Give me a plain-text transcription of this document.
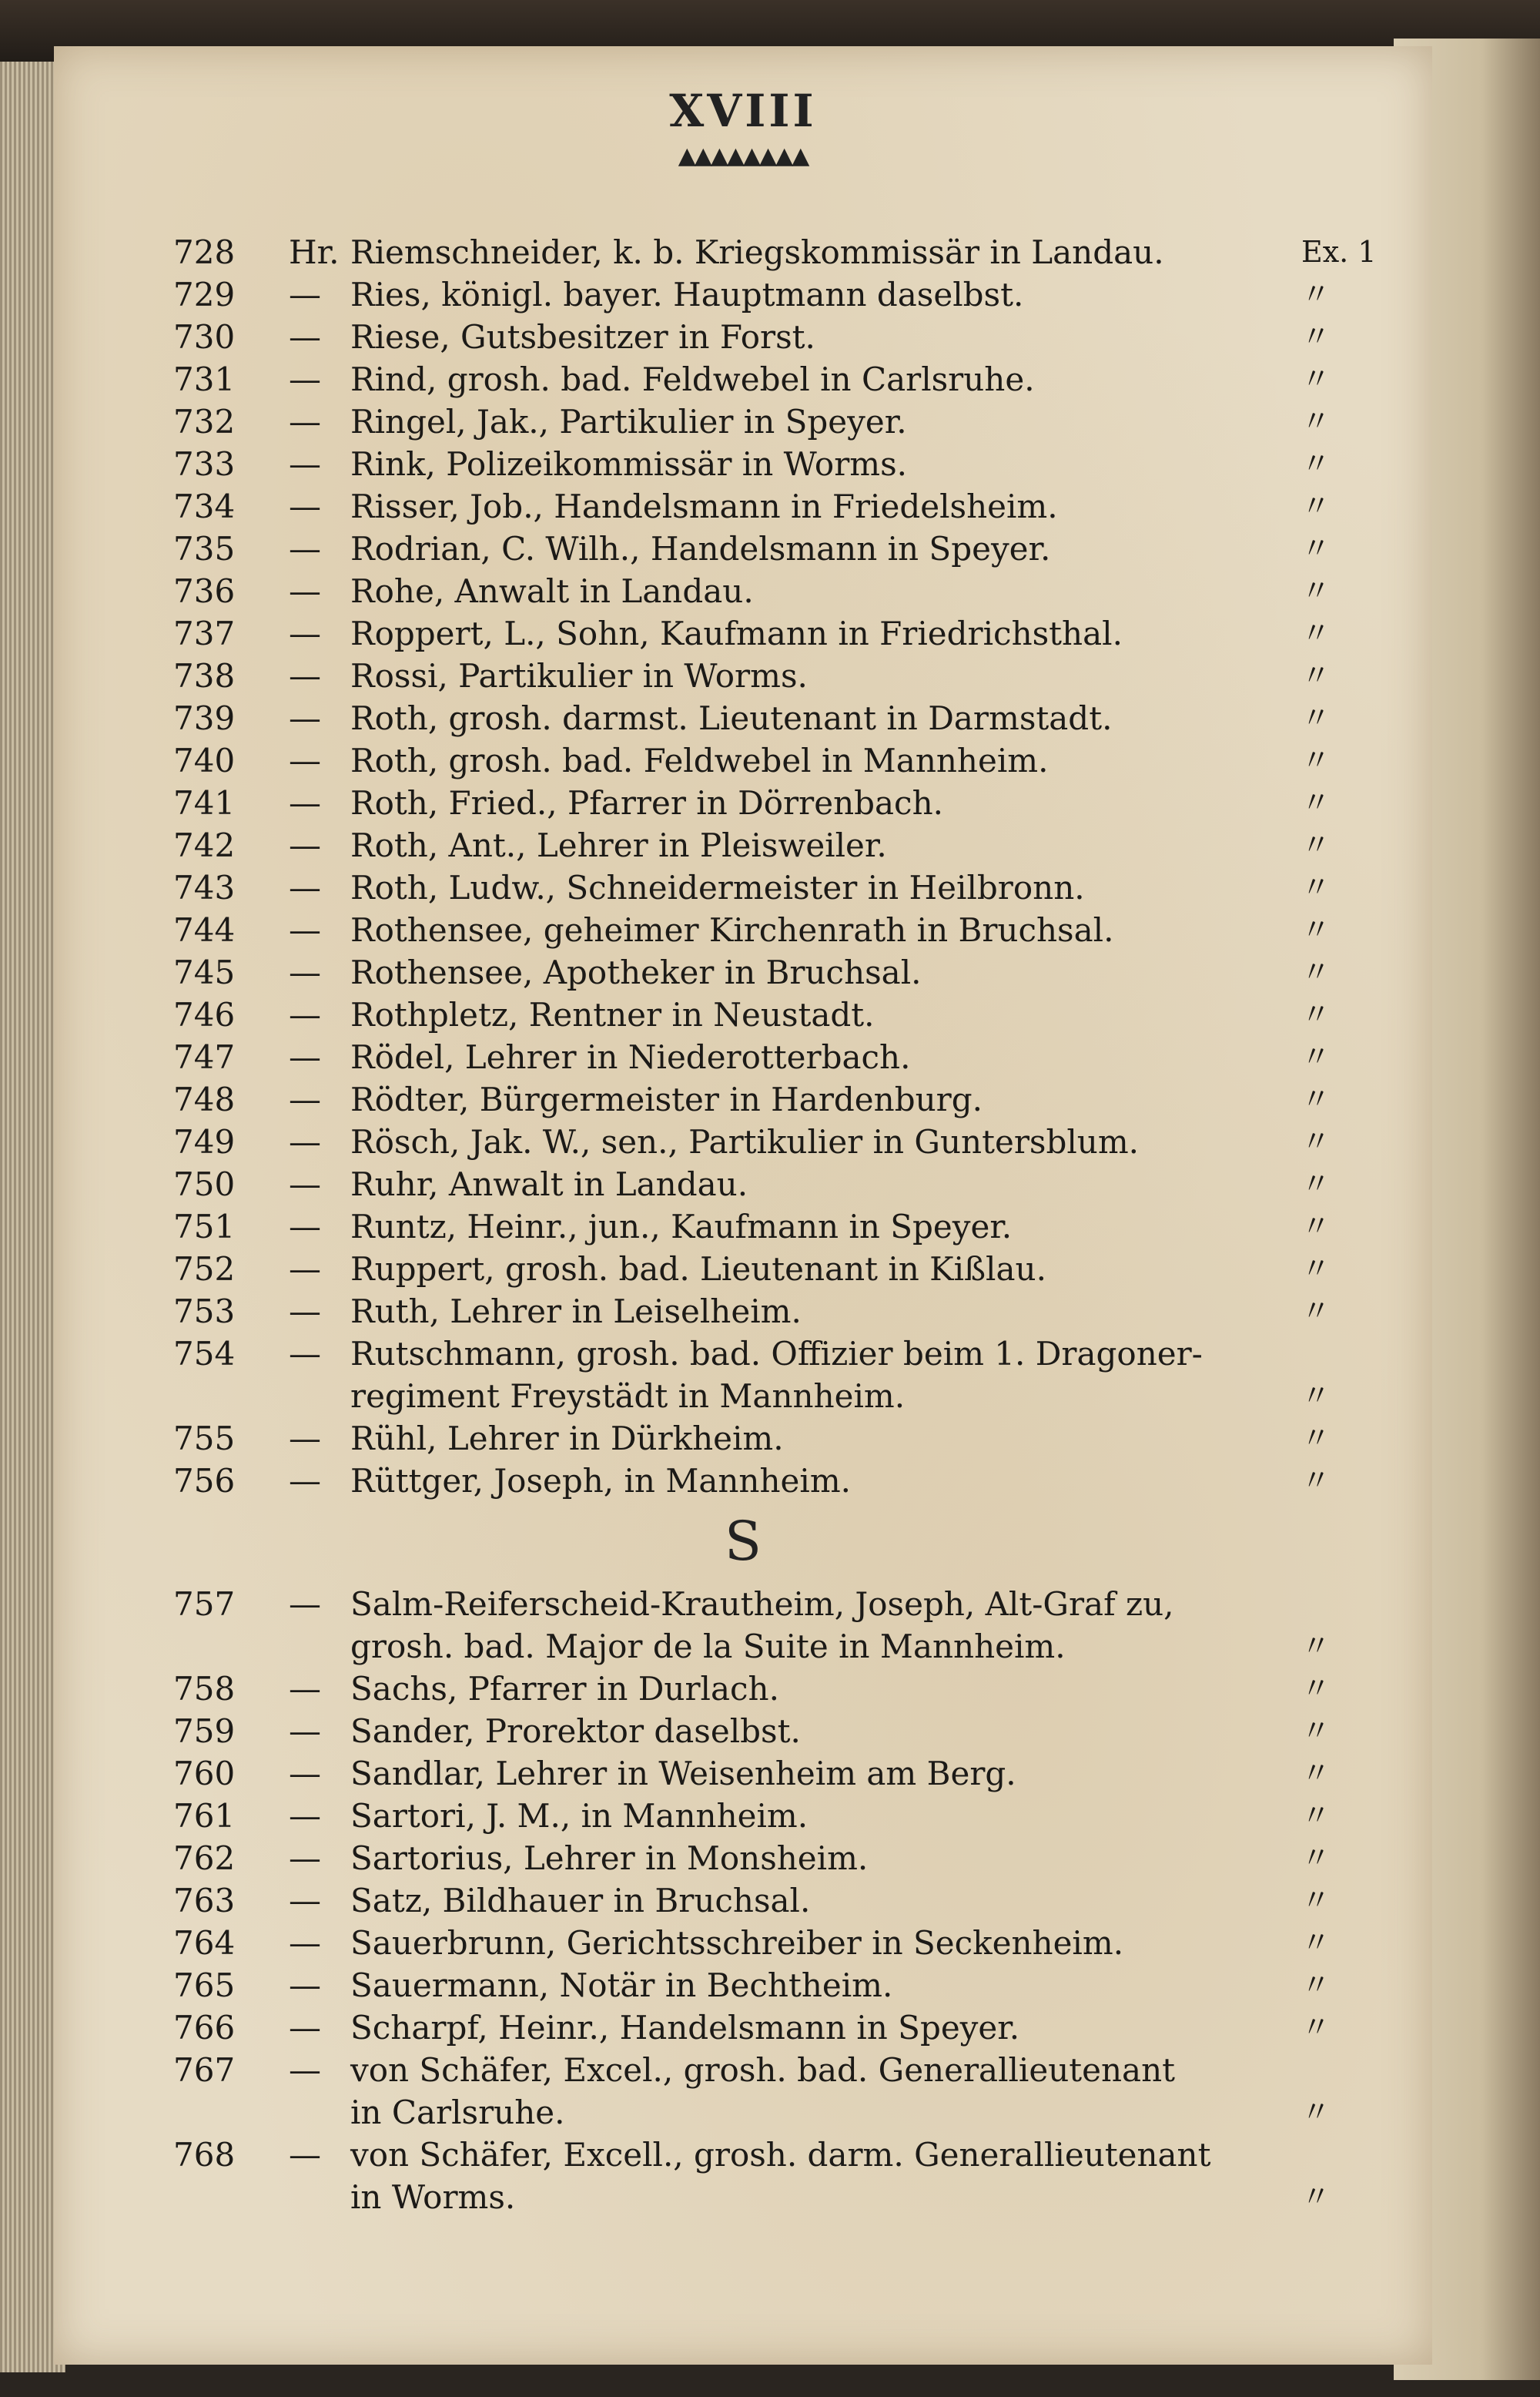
XVIII
▲▲▲▲▲▲▲▲
S
728 Hr. Riemschneider, k. b. Kriegskommissär in Landau.	Ex. 1
729 — Ries, königl. bayer. Hauptmann daselbst.	〃
730 — Riese, Gutsbesitzer in Forst.	〃
731 — Rind, grosh. bad. Feldwebel in Carlsruhe.	〃
732 — Ringel, Jak., Partikulier in Speyer.	〃
733 — Rink, Polizeikommissär in Worms.	〃
734 — Risser, Job., Handelsmann in Friedelsheim.	〃
735 — Rodrian, C. Wilh., Handelsmann in Speyer.	〃
736 — Rohe, Anwalt in Landau.	〃
737 — Roppert, L., Sohn, Kaufmann in Friedrichsthal.	〃
738 — Rossi, Partikulier in Worms.	〃
739 — Roth, grosh. darmst. Lieutenant in Darmstadt.	〃
740 — Roth, grosh. bad. Feldwebel in Mannheim.	〃
741 — Roth, Fried., Pfarrer in Dörrenbach.	〃
742 — Roth, Ant., Lehrer in Pleisweiler.	〃
743 — Roth, Ludw., Schneidermeister in Heilbronn.	〃
744 — Rothensee, geheimer Kirchenrath in Bruchsal.	〃
745 — Rothensee, Apotheker in Bruchsal.	〃
746 — Rothpletz, Rentner in Neustadt.	〃
747 — Rödel, Lehrer in Niederotterbach.	〃
748 — Rödter, Bürgermeister in Hardenburg.	〃
749 — Rösch, Jak. W., sen., Partikulier in Guntersblum.	〃
750 — Ruhr, Anwalt in Landau.	〃
751 — Runtz, Heinr., jun., Kaufmann in Speyer.	〃
752 — Ruppert, grosh. bad. Lieutenant in Kißlau.	〃
753 — Ruth, Lehrer in Leiselheim.	〃
754 — Rutschmann, grosh. bad. Offizier beim 1. Dragoner-
regiment Freystädt in Mannheim.	〃
755 — Rühl, Lehrer in Dürkheim.	〃
756 — Rüttger, Joseph, in Mannheim.	〃
757 — Salm-Reiferscheid-Krautheim, Joseph, Alt-Graf zu,
grosh. bad. Major de la Suite in Mannheim.	〃
758 — Sachs, Pfarrer in Durlach.	〃
759 — Sander, Prorektor daselbst.	〃
760 — Sandlar, Lehrer in Weisenheim am Berg.	〃
761 — Sartori, J. M., in Mannheim.	〃
762 — Sartorius, Lehrer in Monsheim.	〃
763 — Satz, Bildhauer in Bruchsal.	〃
764 — Sauerbrunn, Gerichtsschreiber in Seckenheim.	〃
765 — Sauermann, Notär in Bechtheim.	〃
766 — Scharpf, Heinr., Handelsmann in Speyer.	〃
767 — von Schäfer, Excel., grosh. bad. Generallieutenant
in Carlsruhe.	〃
768 — von Schäfer, Excell., grosh. darm. Generallieutenant
in Worms.	〃
